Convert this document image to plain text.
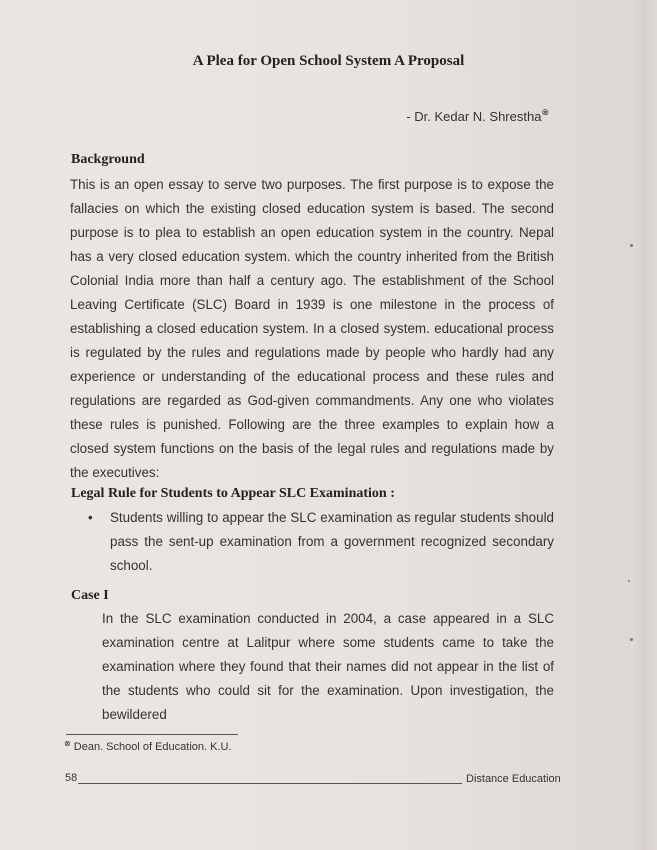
A Plea for Open School System A Proposal
- Dr. Kedar N. Shrestha⊗
Background
This is an open essay to serve two purposes. The first purpose is to expose the fallacies on which the existing closed education system is based. The second purpose is to plea to establish an open education system in the country. Nepal has a very closed education system. which the country inherited from the British Colonial India more than half a century ago. The establishment of the School Leaving Certificate (SLC) Board in 1939 is one milestone in the process of establishing a closed education system. In a closed system. educational process is regulated by the rules and regulations made by people who hardly had any experience or understanding of the educational process and these rules and regulations are regarded as God-given commandments. Any one who violates these rules is punished. Following are the three examples to explain how a closed system functions on the basis of the legal rules and regulations made by the executives:
Legal Rule for Students to Appear SLC Examination :
•	Students willing to appear the SLC examination as regular students should pass the sent-up examination from a government recognized secondary school.
Case I
In the SLC examination conducted in 2004, a case appeared in a SLC examination centre at Lalitpur where some students came to take the examination where they found that their names did not appear in the list of the students who could sit for the examination. Upon investigation, the bewildered
⊗ Dean. School of Education. K.U.
58	Distance Education
